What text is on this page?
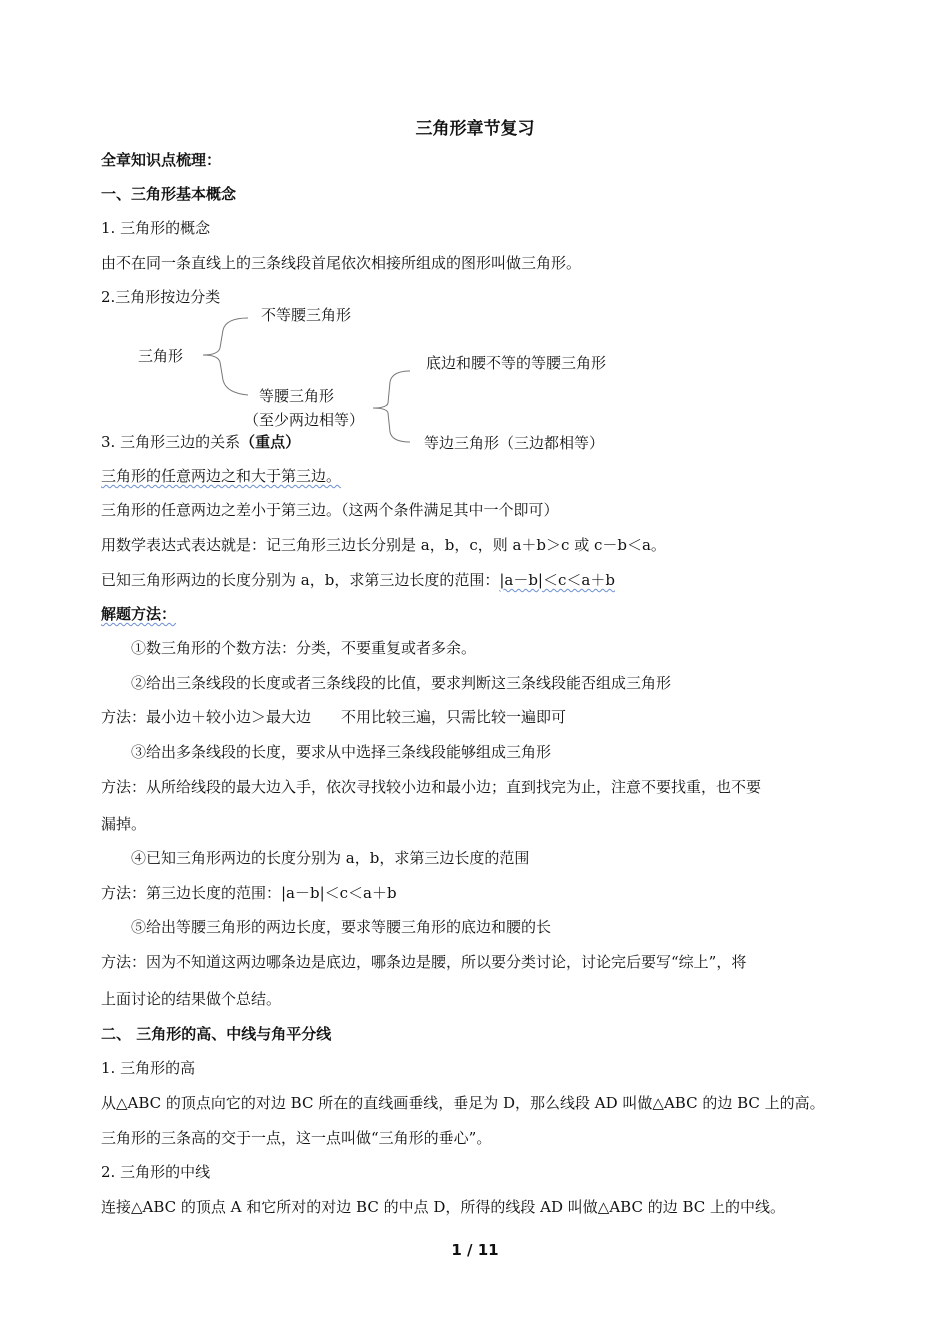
三角形章节复习
全章知识点梳理：
一、三角形基本概念
1. 三角形的概念
由不在同一条直线上的三条线段首尾依次相接所组成的图形叫做三角形。
2.三角形按边分类
不等腰三角形
三角形	底边和腰不等的等腰三角形
等腰三角形
（至少两边相等）
等边三角形（三边都相等）
3. 三角形三边的关系（重点）
三角形的任意两边之和大于第三边。
三角形的任意两边之差小于第三边。（这两个条件满足其中一个即可）
用数学表达式表达就是：记三角形三边长分别是 a，b，c，则 a＋b＞c 或 c－b＜a。
已知三角形两边的长度分别为 a，b，求第三边长度的范围：|a－b|＜c＜a＋b
解题方法：
①数三角形的个数方法：分类，不要重复或者多余。
②给出三条线段的长度或者三条线段的比值，要求判断这三条线段能否组成三角形
方法：最小边＋较小边＞最大边 不用比较三遍，只需比较一遍即可
③给出多条线段的长度，要求从中选择三条线段能够组成三角形
方法：从所给线段的最大边入手，依次寻找较小边和最小边；直到找完为止，注意不要找重，也不要
漏掉。
④已知三角形两边的长度分别为 a，b，求第三边长度的范围
方法：第三边长度的范围：|a－b|＜c＜a＋b
⑤给出等腰三角形的两边长度，要求等腰三角形的底边和腰的长
方法：因为不知道这两边哪条边是底边，哪条边是腰，所以要分类讨论，讨论完后要写“综上”，将
上面讨论的结果做个总结。
二、 三角形的高、中线与角平分线
1. 三角形的高
从△ABC 的顶点向它的对边 BC 所在的直线画垂线，垂足为 D，那么线段 AD 叫做△ABC 的边 BC 上的高。
三角形的三条高的交于一点，这一点叫做“三角形的垂心”。
2. 三角形的中线
连接△ABC 的顶点 A 和它所对的对边 BC 的中点 D，所得的线段 AD 叫做△ABC 的边 BC 上的中线。
1 / 11
